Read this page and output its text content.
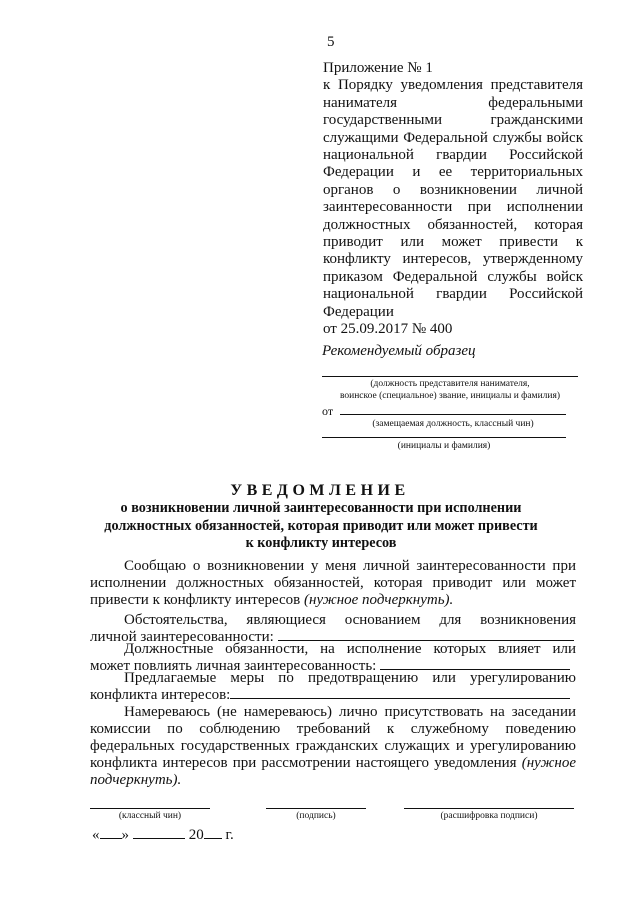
5
Приложение № 1
к Порядку уведомления представителя
нанимателя федеральными
государственными гражданскими
служащими Федеральной службы войск
национальной гвардии Российской
Федерации и ее территориальных
органов о возникновении личной
заинтересованности при исполнении
должностных обязанностей, которая
приводит или может привести к
конфликту интересов, утвержденному
приказом Федеральной службы войск
национальной гвардии Российской
Федерации
от 25.09.2017 № 400
Рекомендуемый образец
(должность представителя нанимателя,
воинское (специальное) звание, инициалы и фамилия)
от
(замещаемая должность, классный чин)
(инициалы и фамилия)
УВЕДОМЛЕНИЕ
о возникновении личной заинтересованности при исполнении
должностных обязанностей, которая приводит или может привести
к конфликту интересов
Сообщаю о возникновении у меня личной заинтересованности при
исполнении должностных обязанностей, которая приводит или может
привести к конфликту интересов (нужное подчеркнуть).
Обстоятельства, являющиеся основанием для возникновения
личной заинтересованности:
Должностные обязанности, на исполнение которых влияет или
может повлиять личная заинтересованность:
Предлагаемые меры по предотвращению или урегулированию
конфликта интересов:
Намереваюсь (не намереваюсь) лично присутствовать на заседании
комиссии по соблюдению требований к служебному поведению
федеральных государственных гражданских служащих и урегулированию
конфликта интересов при рассмотрении настоящего уведомления (нужное
подчеркнуть).
(классный чин)	(подпись)	(расшифровка подписи)
« »	20 г.
